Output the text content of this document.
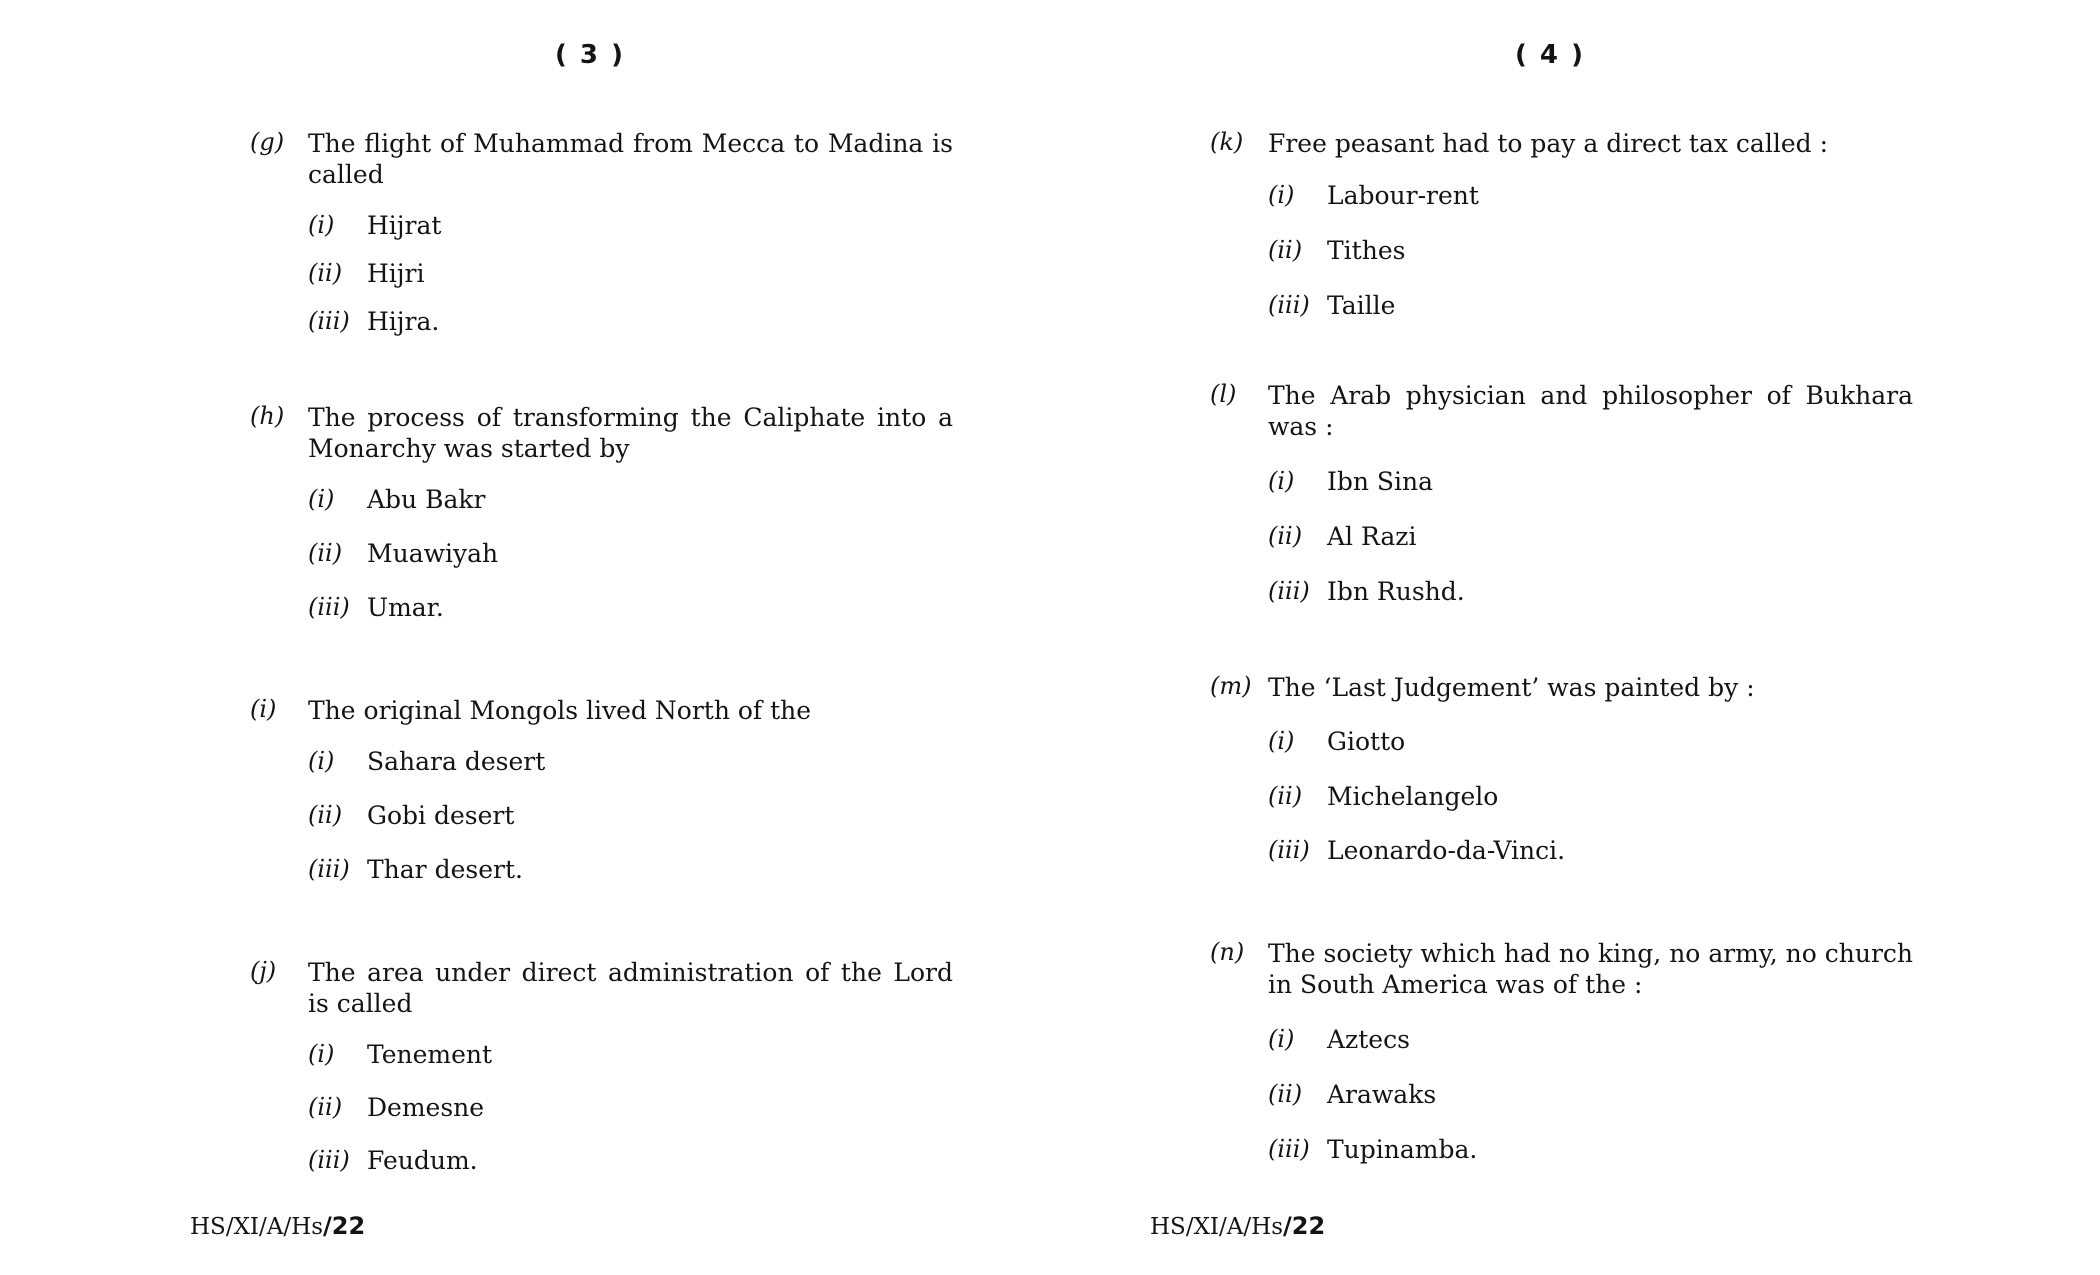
( 3 )
(g) The flight of Muhammad from Mecca to Madina is called
(i) Hijrat
(ii) Hijri
(iii) Hijra.
(h) The process of transforming the Caliphate into a Monarchy was started by
(i) Abu Bakr
(ii) Muawiyah
(iii) Umar.
(i) The original Mongols lived North of the
(i) Sahara desert
(ii) Gobi desert
(iii) Thar desert.
(j) The area under direct administration of the Lord is called
(i) Tenement
(ii) Demesne
(iii) Feudum.
HS/XI/A/Hs/22
( 4 )
(k) Free peasant had to pay a direct tax called :
(i) Labour-rent
(ii) Tithes
(iii) Taille
(l) The Arab physician and philosopher of Bukhara was :
(i) Ibn Sina
(ii) Al Razi
(iii) Ibn Rushd.
(m) The ‘Last Judgement’ was painted by :
(i) Giotto
(ii) Michelangelo
(iii) Leonardo-da-Vinci.
(n) The society which had no king, no army, no church in South America was of the :
(i) Aztecs
(ii) Arawaks
(iii) Tupinamba.
HS/XI/A/Hs/22
